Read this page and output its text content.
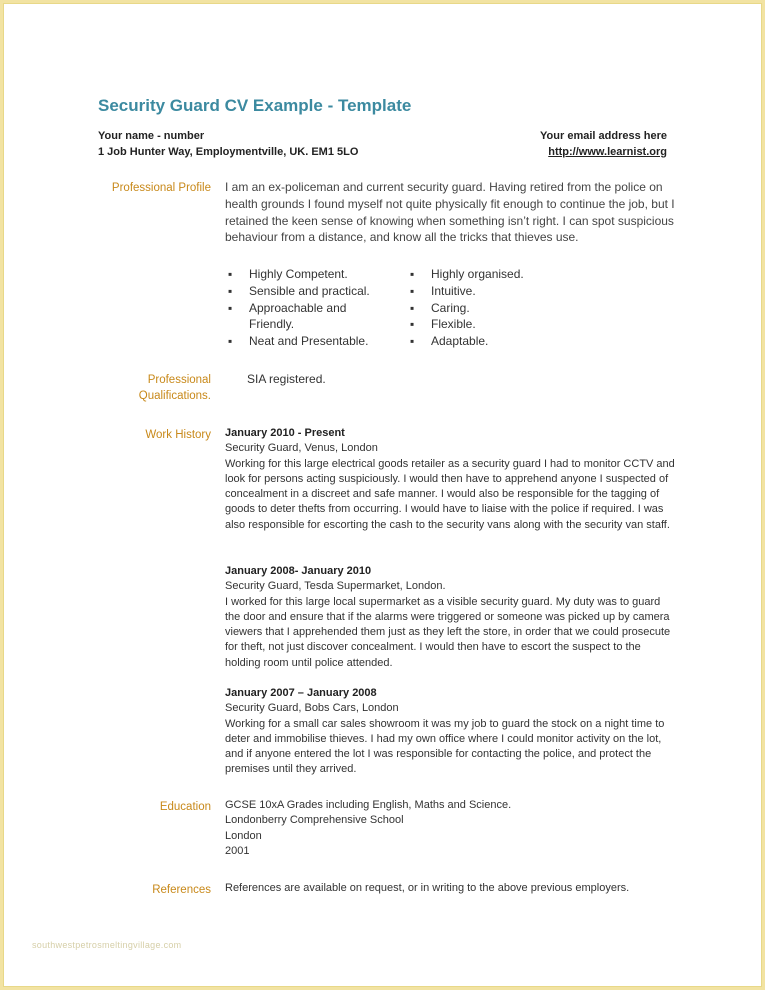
Security Guard CV Example - Template
Your name - number
1 Job Hunter Way, Employmentville, UK. EM1 5LO
Your email address here
http://www.learnist.org
Professional Profile I am an ex-policeman and current security guard. Having retired from the police on health grounds I found myself not quite physically fit enough to continue the job, but I retained the keen sense of knowing when something isn’t right. I can spot suspicious behaviour from a distance, and know all the tricks that thieves use.
▪ Highly Competent.
▪ Sensible and practical.
▪ Approachable and Friendly.
▪ Neat and Presentable.
▪ Highly organised.
▪ Intuitive.
▪ Caring.
▪ Flexible.
▪ Adaptable.
Professional
Qualifications.
SIA registered.
Work History January 2010 - Present
Security Guard, Venus, London
Working for this large electrical goods retailer as a security guard I had to monitor CCTV and look for persons acting suspiciously. I would then have to apprehend anyone I suspected of concealment in a discreet and safe manner. I would also be responsible for the tagging of goods to deter thefts from occurring. I would have to liaise with the police if required. I was also responsible for escorting the cash to the security vans along with the security van staff.
January 2008- January 2010
Security Guard, Tesda Supermarket, London.
I worked for this large local supermarket as a visible security guard. My duty was to guard the door and ensure that if the alarms were triggered or someone was picked up by camera viewers that I apprehended them just as they left the store, in order that we could prosecute for theft, not just discover concealment. I would then have to escort the suspect to the holding room until police attended.
January 2007 – January 2008
Security Guard, Bobs Cars, London
Working for a small car sales showroom it was my job to guard the stock on a night time to deter and immobilise thieves. I had my own office where I could monitor activity on the lot, and if anyone entered the lot I was responsible for contacting the police, and protect the premises until they arrived.
Education GCSE 10xA Grades including English, Maths and Science.
Londonberry Comprehensive School
London
2001
References References are available on request, or in writing to the above previous employers.
southwestpetrosmeltingvillage.com
